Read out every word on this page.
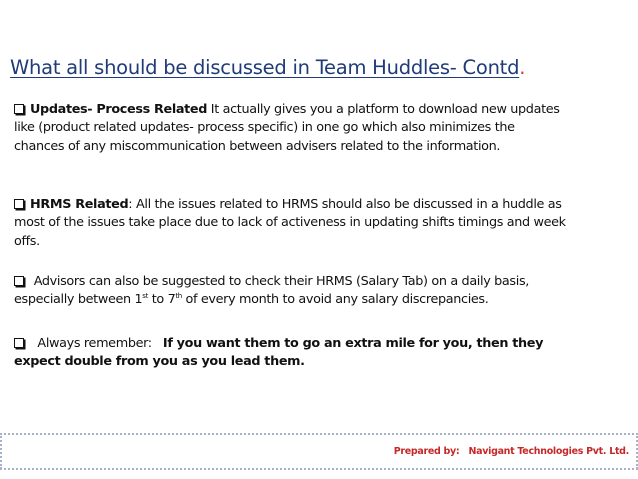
What all should be discussed in Team Huddles- Contd.
Updates- Process Related It actually gives you a platform to download new updates like (product related updates- process specific) in one go which also minimizes the chances of any miscommunication between advisers related to the information.
HRMS Related: All the issues related to HRMS should also be discussed in a huddle as most of the issues take place due to lack of activeness in updating shifts timings and week offs.
Advisors can also be suggested to check their HRMS (Salary Tab) on a daily basis, especially between 1st to 7th of every month to avoid any salary discrepancies.
Always remember:   If you want them to go an extra mile for you, then they expect double from you as you lead them.
Prepared by: Navigant Technologies Pvt. Ltd.
